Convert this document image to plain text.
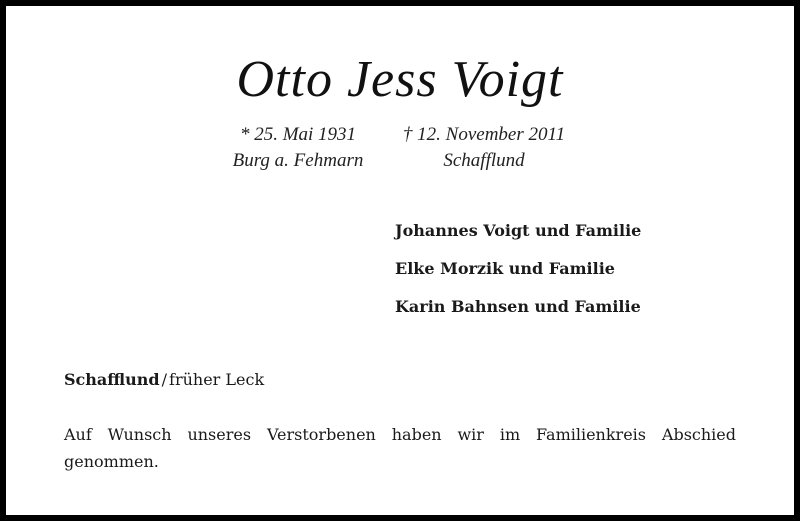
Otto Jess Voigt
* 25. Mai 1931
Burg a. Fehmarn
† 12. November 2011
Schafflund
Johannes Voigt und Familie
Elke Morzik und Familie
Karin Bahnsen und Familie
Schafflund / früher Leck
Auf Wunsch unseres Verstorbenen haben wir im Familienkreis Abschied genommen.
